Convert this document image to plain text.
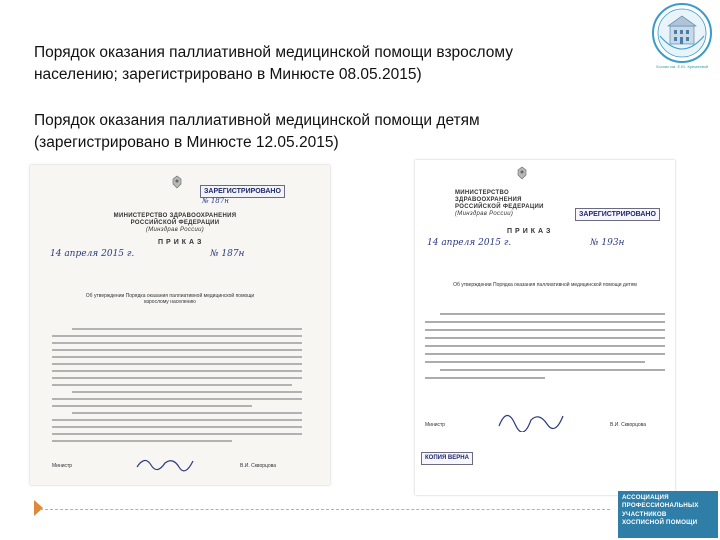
Хоспис им. Е.Ю. Кремлевой
Порядок оказания паллиативной медицинской помощи взрослому
населению; зарегистрировано в Минюсте 08.05.2015)
Порядок оказания паллиативной медицинской помощи детям
(зарегистрировано в Минюсте 12.05.2015)
ЗАРЕГИСТРИРОВАНО
№ 187н
МИНИСТЕРСТВО ЗДРАВООХРАНЕНИЯ РОССИЙСКОЙ ФЕДЕРАЦИИ
(Минздрав России)
ПРИКАЗ
14 апреля 2015 г.	№ 187н
Об утверждении Порядка оказания паллиативной медицинской помощи взрослому населению
Министр	В.И. Скворцова
МИНИСТЕРСТВО ЗДРАВООХРАНЕНИЯ РОССИЙСКОЙ ФЕДЕРАЦИИ
(Минздрав России)	ЗАРЕГИСТРИРОВАНО
ПРИКАЗ
14 апреля 2015 г.	№ 193н
Об утверждении Порядка оказания паллиативной медицинской помощи детям
Министр	В.И. Скворцова
КОПИЯ ВЕРНА
АССОЦИАЦИЯ
ПРОФЕССИОНАЛЬНЫХ
УЧАСТНИКОВ
ХОСПИСНОЙ ПОМОЩИ
